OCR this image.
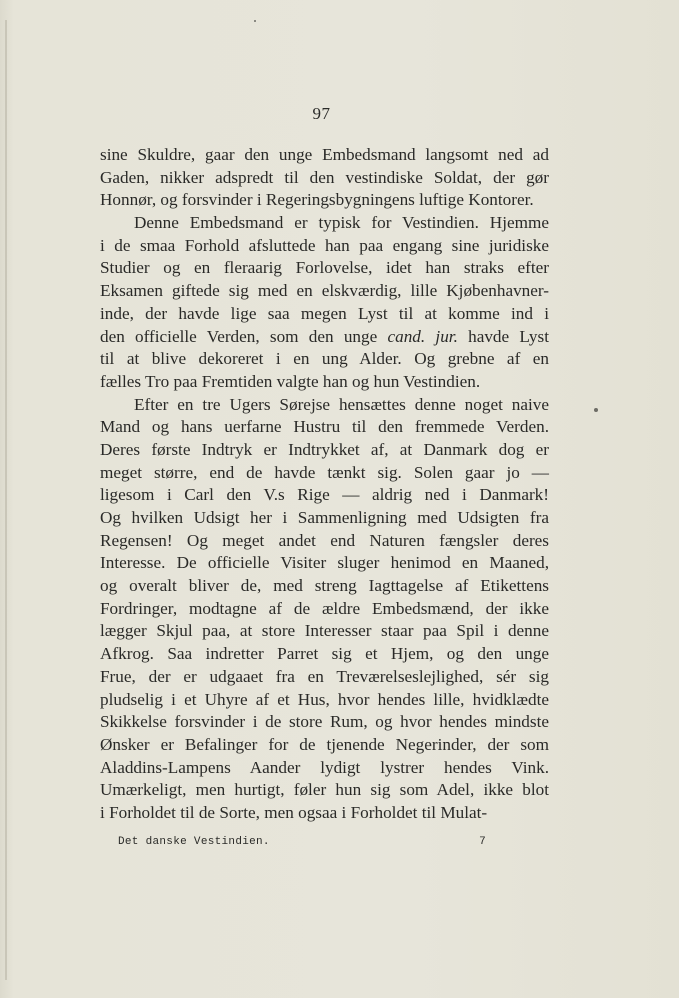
97
sine Skuldre, gaar den unge Embedsmand langsomt ned ad
Gaden, nikker adspredt til den vestindiske Soldat, der gør
Honnør, og forsvinder i Regeringsbygningens luftige Kontorer.
Denne Embedsmand er typisk for Vestindien. Hjemme
i de smaa Forhold afsluttede han paa engang sine juridiske
Studier og en fleraarig Forlovelse, idet han straks efter
Eksamen giftede sig med en elskværdig, lille Kjøbenhavner-
inde, der havde lige saa megen Lyst til at komme ind i
den officielle Verden, som den unge cand. jur. havde Lyst
til at blive dekoreret i en ung Alder. Og grebne af en
fælles Tro paa Fremtiden valgte han og hun Vestindien.
Efter en tre Ugers Sørejse hensættes denne noget naive
Mand og hans uerfarne Hustru til den fremmede Verden.
Deres første Indtryk er Indtrykket af, at Danmark dog er
meget større, end de havde tænkt sig. Solen gaar jo —
ligesom i Carl den V.s Rige — aldrig ned i Danmark!
Og hvilken Udsigt her i Sammenligning med Udsigten fra
Regensen! Og meget andet end Naturen fængsler deres
Interesse. De officielle Visiter sluger henimod en Maaned,
og overalt bliver de, med streng Iagttagelse af Etikettens
Fordringer, modtagne af de ældre Embedsmænd, der ikke
lægger Skjul paa, at store Interesser staar paa Spil i denne
Afkrog. Saa indretter Parret sig et Hjem, og den unge
Frue, der er udgaaet fra en Treværelseslejlighed, sér sig
pludselig i et Uhyre af et Hus, hvor hendes lille, hvidklædte
Skikkelse forsvinder i de store Rum, og hvor hendes mindste
Ønsker er Befalinger for de tjenende Negerinder, der som
Aladdins-Lampens Aander lydigt lystrer hendes Vink.
Umærkeligt, men hurtigt, føler hun sig som Adel, ikke blot
i Forholdet til de Sorte, men ogsaa i Forholdet til Mulat-
Det danske Vestindien.	7
